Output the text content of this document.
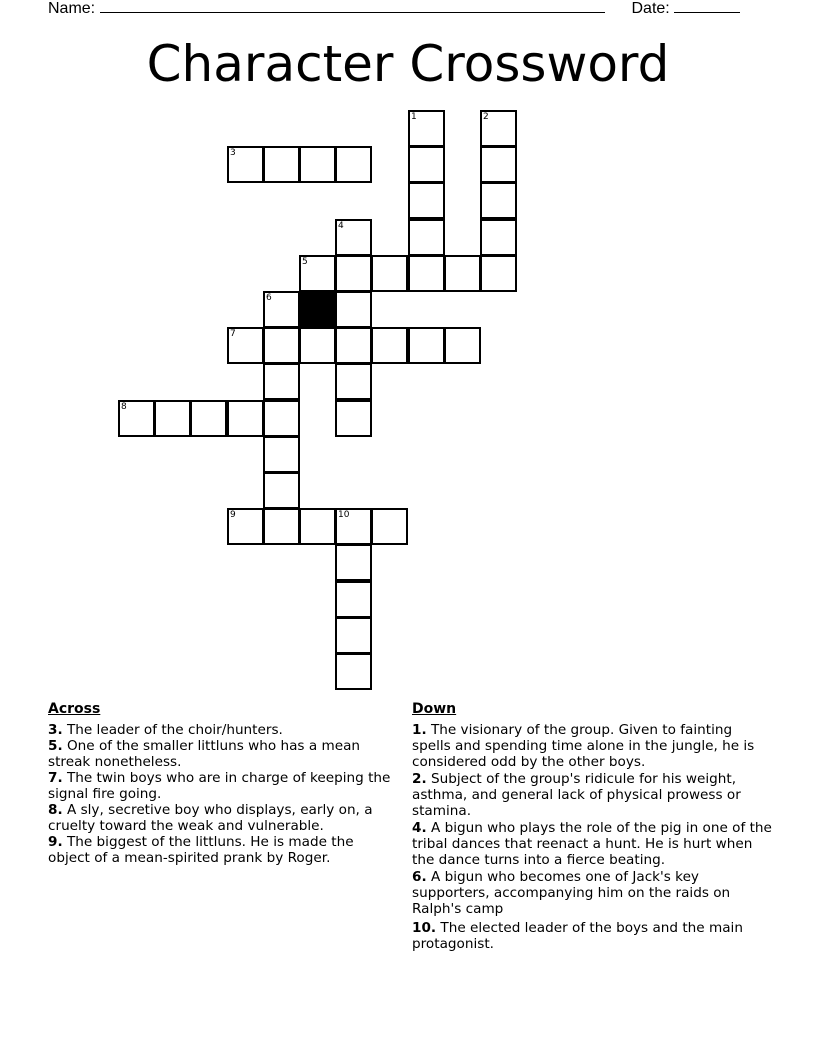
Name:	Date:
Character Crossword
1	2
3
4
5
6
7
8
9	10
Across

3. The leader of the choir/hunters.

5. One of the smaller littluns who has a mean streak nonetheless.

7. The twin boys who are in charge of keeping the signal fire going.

8. A sly, secretive boy who displays, early on, a cruelty toward the weak and vulnerable.

9. The biggest of the littluns. He is made the object of a mean-spirited prank by Roger.

Down

1. The visionary of the group. Given to fainting spells and spending time alone in the jungle, he is considered odd by the other boys.

2. Subject of the group's ridicule for his weight, asthma, and general lack of physical prowess or stamina.

4. A bigun who plays the role of the pig in one of the tribal dances that reenact a hunt. He is hurt when the dance turns into a fierce beating.

6. A bigun who becomes one of Jack's key supporters, accompanying him on the raids on Ralph's camp

10. The elected leader of the boys and the main protagonist.
